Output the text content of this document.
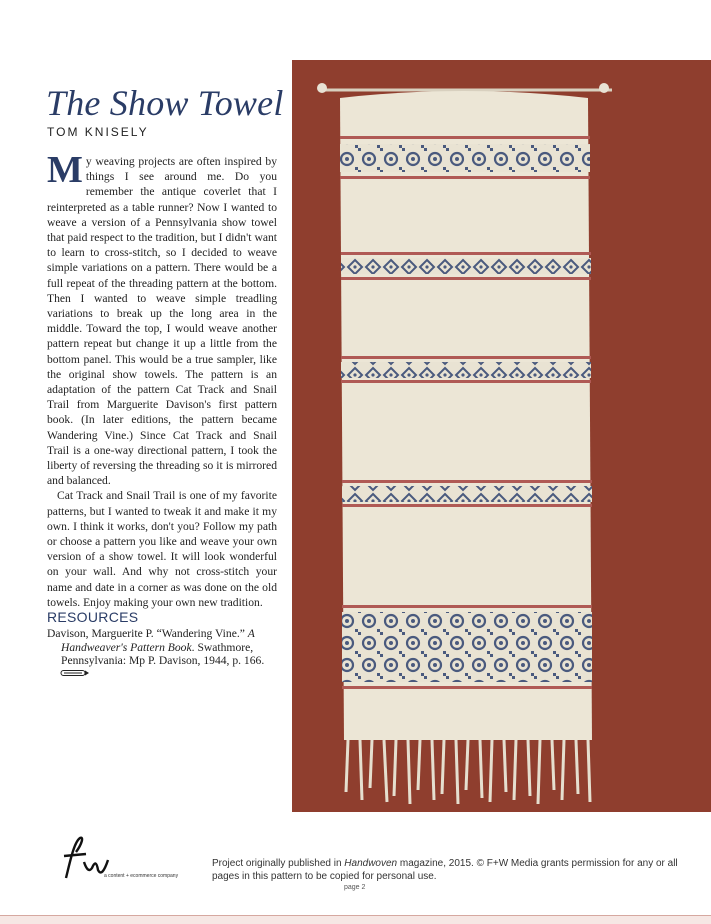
The Show Towel
TOM KNISELY

My weaving projects are often inspired by things I see around me. Do you remember the antique coverlet that I reinterpreted as a table runner? Now I wanted to weave a version of a Pennsylvania show towel that paid respect to the tradition, but I didn't want to learn to cross-stitch, so I decided to weave simple variations on a pattern. There would be a full repeat of the threading pattern at the bottom. Then I wanted to weave simple treadling variations to break up the long area in the middle. Toward the top, I would weave another pattern repeat but change it up a little from the bottom panel. This would be a true sampler, like the original show towels. The pattern is an adaptation of the pattern Cat Track and Snail Trail from Marguerite Davison's first pattern book. (In later editions, the pattern became Wandering Vine.) Since Cat Track and Snail Trail is a one-way directional pattern, I took the liberty of reversing the threading so it is mirrored and balanced.

Cat Track and Snail Trail is one of my favorite patterns, but I wanted to tweak it and make it my own. I think it works, don't you? Follow my path or choose a pattern you like and weave your own version of a show towel. It will look wonderful on your wall. And why not cross-stitch your name and date in a corner as was done on the old towels. Enjoy making your own new tradition.

RESOURCES
Davison, Marguerite P. “Wandering Vine.” A
Handweaver's Pattern Book. Swathmore,
Pennsylvania: Mp P. Davison, 1944, p. 166.
a content + ecommerce company
Project originally published in Handwoven magazine, 2015. © F+W Media grants permission for any or all pages in this pattern to be copied for personal use.
page 2
